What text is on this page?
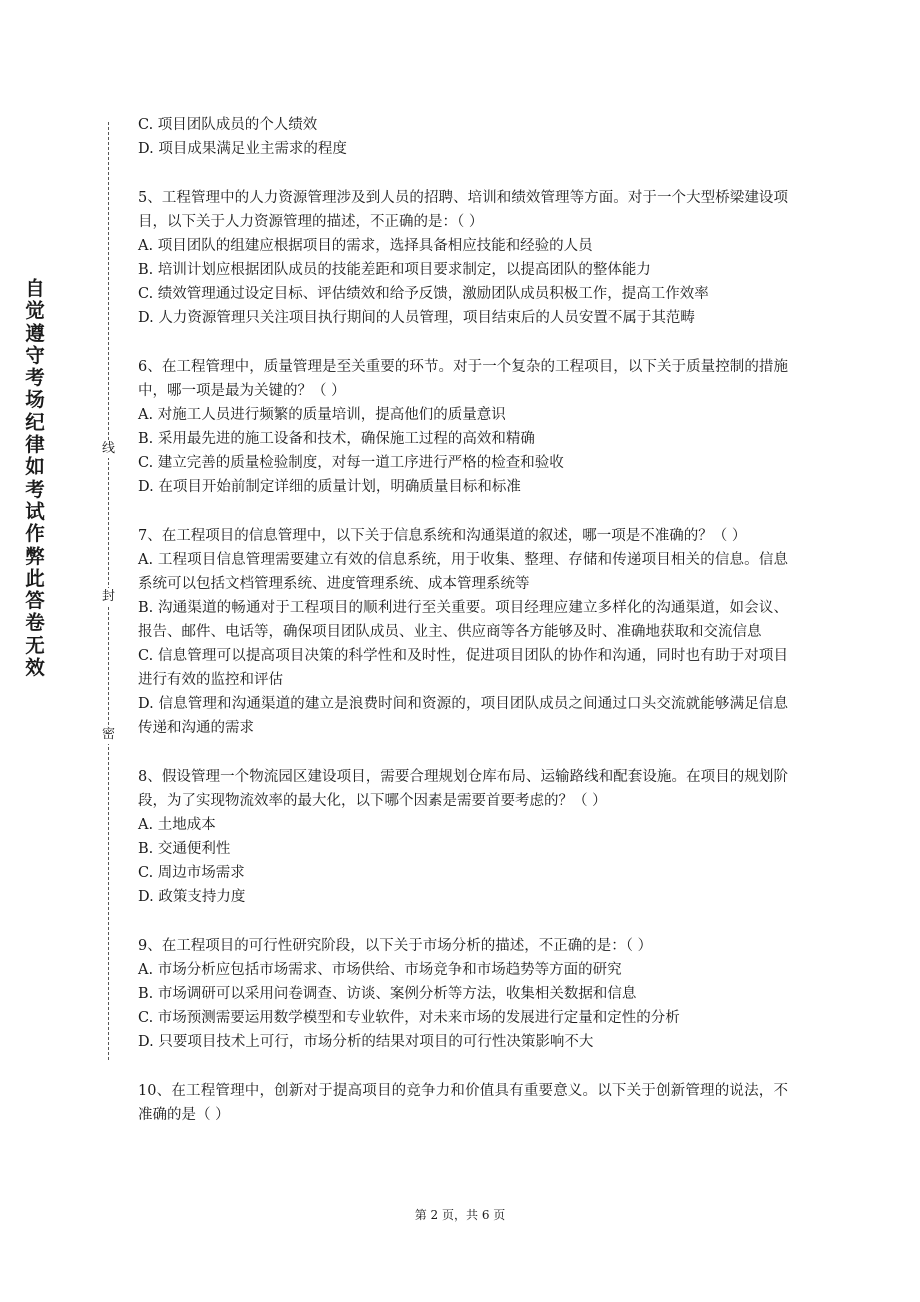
自觉遵守考场纪律如考试作弊此答卷无效
线
封
密

C. 项目团队成员的个人绩效

D. 项目成果满足业主需求的程度

5、工程管理中的人力资源管理涉及到人员的招聘、培训和绩效管理等方面。对于一个大型桥梁建设项目，以下关于人力资源管理的描述，不正确的是：（ ）

A. 项目团队的组建应根据项目的需求，选择具备相应技能和经验的人员

B. 培训计划应根据团队成员的技能差距和项目要求制定，以提高团队的整体能力

C. 绩效管理通过设定目标、评估绩效和给予反馈，激励团队成员积极工作，提高工作效率

D. 人力资源管理只关注项目执行期间的人员管理，项目结束后的人员安置不属于其范畴

6、在工程管理中，质量管理是至关重要的环节。对于一个复杂的工程项目，以下关于质量控制的措施中，哪一项是最为关键的？（ ）

A. 对施工人员进行频繁的质量培训，提高他们的质量意识

B. 采用最先进的施工设备和技术，确保施工过程的高效和精确

C. 建立完善的质量检验制度，对每一道工序进行严格的检查和验收

D. 在项目开始前制定详细的质量计划，明确质量目标和标准

7、在工程项目的信息管理中，以下关于信息系统和沟通渠道的叙述，哪一项是不准确的？（ ）

A. 工程项目信息管理需要建立有效的信息系统，用于收集、整理、存储和传递项目相关的信息。信息系统可以包括文档管理系统、进度管理系统、成本管理系统等

B. 沟通渠道的畅通对于工程项目的顺利进行至关重要。项目经理应建立多样化的沟通渠道，如会议、报告、邮件、电话等，确保项目团队成员、业主、供应商等各方能够及时、准确地获取和交流信息

C. 信息管理可以提高项目决策的科学性和及时性，促进项目团队的协作和沟通，同时也有助于对项目进行有效的监控和评估

D. 信息管理和沟通渠道的建立是浪费时间和资源的，项目团队成员之间通过口头交流就能够满足信息传递和沟通的需求

8、假设管理一个物流园区建设项目，需要合理规划仓库布局、运输路线和配套设施。在项目的规划阶段，为了实现物流效率的最大化，以下哪个因素是需要首要考虑的？（ ）

A. 土地成本

B. 交通便利性

C. 周边市场需求

D. 政策支持力度

9、在工程项目的可行性研究阶段，以下关于市场分析的描述，不正确的是：（ ）

A. 市场分析应包括市场需求、市场供给、市场竞争和市场趋势等方面的研究

B. 市场调研可以采用问卷调查、访谈、案例分析等方法，收集相关数据和信息

C. 市场预测需要运用数学模型和专业软件，对未来市场的发展进行定量和定性的分析

D. 只要项目技术上可行，市场分析的结果对项目的可行性决策影响不大

10、在工程管理中，创新对于提高项目的竞争力和价值具有重要意义。以下关于创新管理的说法，不准确的是（ ）

第 2 页，共 6 页
